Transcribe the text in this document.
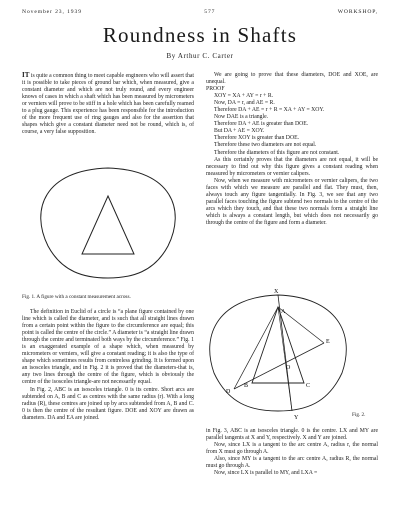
November 23, 1939	577	WORKSHOP,
Roundness in Shafts
By Arthur C. Carter

IT is quite a common thing to meet capable engineers who will assert that it is possible to take pieces of ground bar which, when measured, give a constant diameter and which are not truly round, and every engineer knows of cases in which a shaft which has been measured by micrometers or verniers will prove to be stiff in a hole which has been carefully reamed to a plug gauge. This experience has been responsible for the introduction of the more frequent use of ring gauges and also for the assertion that shapes which give a constant diameter need not be round, which is, of course, a very false supposition.

Fig. 1. A figure with a constant measurement across.

The definition in Euclid of a circle is “a plane figure contained by one line which is called the diameter, and is such that all straight lines drawn from a certain point within the figure to the circumference are equal; this point is called the centre of the circle.” A diameter is “a straight line drawn through the centre and terminated both ways by the circumference.” Fig. 1 is an exaggerated example of a shape which, when measured by micrometers or verniers, will give a constant reading; it is also the type of shape which sometimes results from centreless grinding. It is formed upon an isosceles triangle, and in Fig. 2 it is proved that the diameters-that is, any two lines through the centre of the figure, which is obviously the centre of the isosceles triangle-are not necessarily equal.

In Fig. 2, ABC is an isosceles triangle. 0 is its centre. Short arcs are subtended on A, B and C as centres with the same radius (r). With a long radius (R), these centres are joined up by arcs subtended from A, B and C. 0 is then the centre of the resultant figure. DOE and XOY are drawn as diameters. DA and EA are joined.

We are going to prove that these diameters, DOE and XOE, are unequal.

PROOF

XOY = XA + AY = r + R.

Now, DA = r, and AE = R.

Therefore DA + AE = r + R = XA + AY = XOY.

Now DAE is a triangle.

Therefore DA + AE is greater than DOE.

But DA + AE = XOY.

Therefore XOY is greater than DOE.

Therefore these two diameters are not equal.

Therefore the diameters of this figure are not constant.

As this certainly proves that the diameters are not equal, it will be necessary to find out why this figure gives a constant reading when measured by micrometers or vernier calipers.

Now, when we measure with micrometers or vernier calipers, the two faces with which we measure are parallel and flat. They must, then, always touch any figure tangentially. In Fig. 3, we see that any two parallel faces touching the figure subtend two normals to the centre of the arcs which they touch, and that these two normals form a straight line which is always a constant length, but which does not necessarily go through the centre of the figure and form a diameter.

X
A
E
O
B	C
D
Y	Fig. 2.

in Fig. 3, ABC is an isosceles triangle. 0 is the centre. LX and MY are parallel tangents at X and Y, respectively. X and Y are joined.

Now, since LX is a tangent to the arc centre A, radius r, the normal from X must go through A.

Also, since MY is a tangent to the arc centre A, radius R, the normal must go through A.

Now, since LX is parallel to MY, and LXA =
